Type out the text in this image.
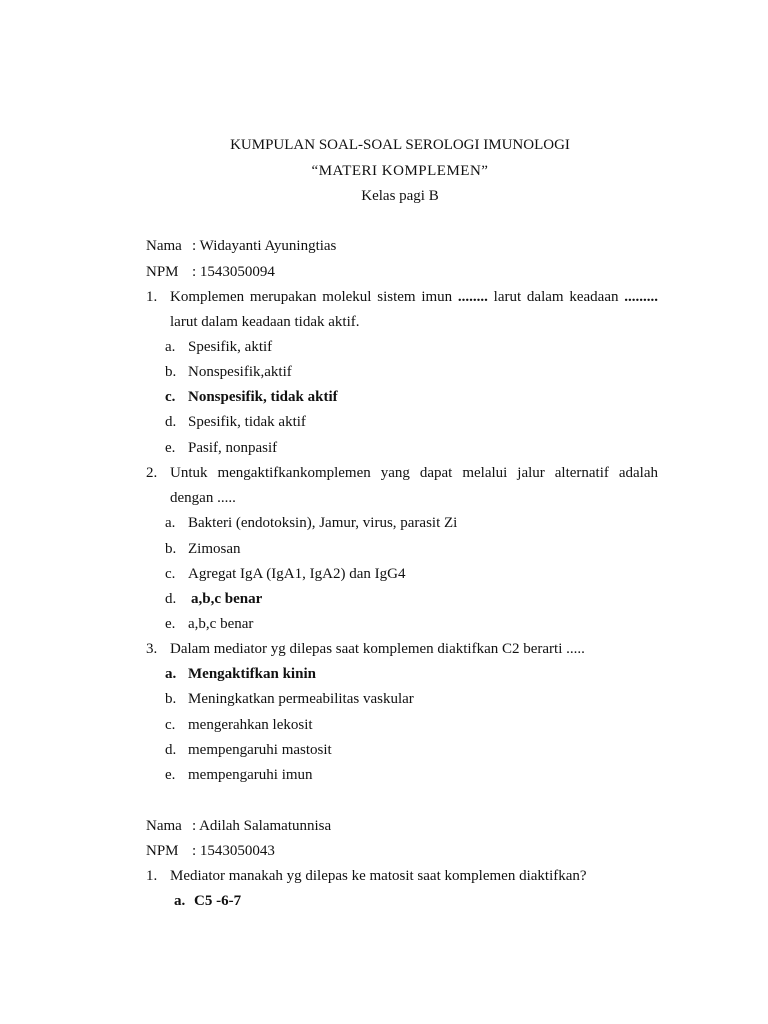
KUMPULAN SOAL-SOAL SEROLOGI IMUNOLOGI
“MATERI KOMPLEMEN”
Kelas pagi B
Nama : Widayanti Ayuningtias
NPM : 1543050094
1. Komplemen merupakan molekul sistem imun ........ larut dalam keadaan .........
larut dalam keadaan tidak aktif.
a. Spesifik, aktif
b. Nonspesifik,aktif
c. Nonspesifik, tidak aktif
d. Spesifik, tidak aktif
e. Pasif, nonpasif
2. Untuk mengaktifkankomplemen yang dapat melalui jalur alternatif adalah
dengan .....
a. Bakteri (endotoksin), Jamur, virus, parasit Zi
b. Zimosan
c. Agregat IgA (IgA1, IgA2) dan IgG4
d. a,b,c benar
e. a,b,c benar
3. Dalam mediator yg dilepas saat komplemen diaktifkan C2 berarti .....
a. Mengaktifkan kinin
b. Meningkatkan permeabilitas vaskular
c. mengerahkan lekosit
d. mempengaruhi mastosit
e. mempengaruhi imun
Nama : Adilah Salamatunnisa
NPM : 1543050043
1. Mediator manakah yg dilepas ke matosit saat komplemen diaktifkan?
a. C5 -6-7
